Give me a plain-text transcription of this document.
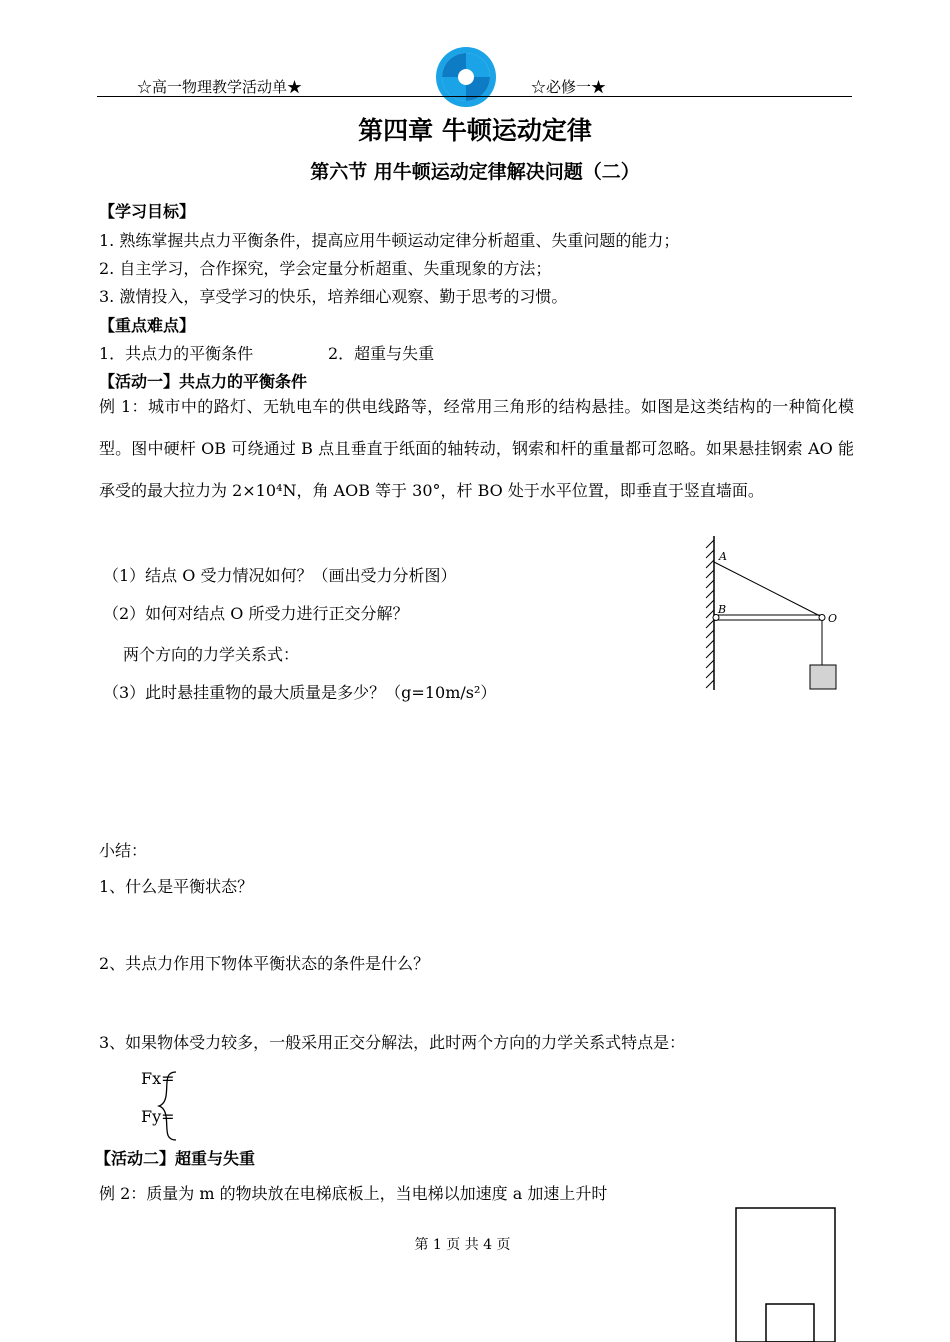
☆高一物理教学活动单★	☆必修一★
第四章 牛顿运动定律
第六节 用牛顿运动定律解决问题（二）
【学习目标】
1. 熟练掌握共点力平衡条件，提高应用牛顿运动定律分析超重、失重问题的能力；
2. 自主学习，合作探究，学会定量分析超重、失重现象的方法；
3. 激情投入，享受学习的快乐，培养细心观察、勤于思考的习惯。
【重点难点】
1．共点力的平衡条件	2．超重与失重
【活动一】共点力的平衡条件
例 1：城市中的路灯、无轨电车的供电线路等，经常用三角形的结构悬挂。如图是这类结构的一种简化模型。图中硬杆 OB 可绕通过 B 点且垂直于纸面的轴转动，钢索和杆的重量都可忽略。如果悬挂钢索 AO 能承受的最大拉力为 2×10⁴N，角 AOB 等于 30°，杆 BO 处于水平位置，即垂直于竖直墙面。
（1）结点 O 受力情况如何？（画出受力分析图）
（2）如何对结点 O 所受力进行正交分解？
两个方向的力学关系式：
（3）此时悬挂重物的最大质量是多少？（g=10m/s²）
A
B
O
小结：
1、什么是平衡状态？
2、共点力作用下物体平衡状态的条件是什么？
3、如果物体受力较多，一般采用正交分解法，此时两个方向的力学关系式特点是：
Fx=
Fy=
【活动二】超重与失重
例 2：质量为 m 的物块放在电梯底板上，当电梯以加速度 a 加速上升时
第 1 页 共 4 页
